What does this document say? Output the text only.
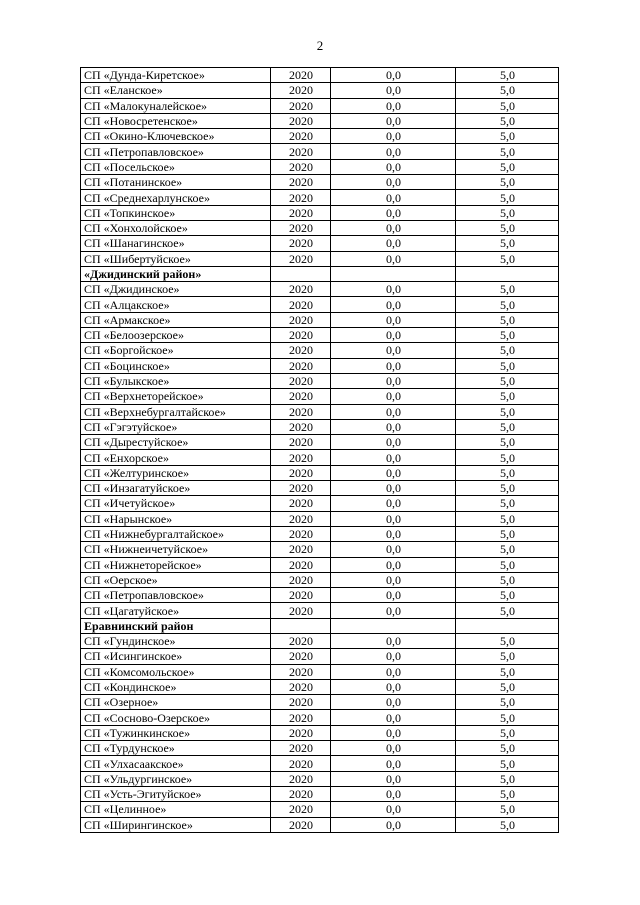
2
СП «Дунда-Киретское»	2020	0,0	5,0
СП «Еланское»	2020	0,0	5,0
СП «Малокуналейское»	2020	0,0	5,0
СП «Новосретенское»	2020	0,0	5,0
СП «Окино-Ключевское»	2020	0,0	5,0
СП «Петропавловское»	2020	0,0	5,0
СП «Посельское»	2020	0,0	5,0
СП «Потанинское»	2020	0,0	5,0
СП «Среднехарлунское»	2020	0,0	5,0
СП «Топкинское»	2020	0,0	5,0
СП «Хонхолойское»	2020	0,0	5,0
СП «Шанагинское»	2020	0,0	5,0
СП «Шибертуйское»	2020	0,0	5,0
«Джидинский район»			
СП «Джидинское»	2020	0,0	5,0
СП «Алцакское»	2020	0,0	5,0
СП «Армакское»	2020	0,0	5,0
СП «Белоозерское»	2020	0,0	5,0
СП «Боргойское»	2020	0,0	5,0
СП «Боцинское»	2020	0,0	5,0
СП «Булыкское»	2020	0,0	5,0
СП «Верхнеторейское»	2020	0,0	5,0
СП «Верхнебургалтайское»	2020	0,0	5,0
СП «Гэгэтуйское»	2020	0,0	5,0
СП «Дырестуйское»	2020	0,0	5,0
СП «Енхорское»	2020	0,0	5,0
СП «Желтуринское»	2020	0,0	5,0
СП «Инзагатуйское»	2020	0,0	5,0
СП «Ичетуйское»	2020	0,0	5,0
СП «Нарынское»	2020	0,0	5,0
СП «Нижнебургалтайское»	2020	0,0	5,0
СП «Нижнеичетуйское»	2020	0,0	5,0
СП «Нижнеторейское»	2020	0,0	5,0
СП «Оерское»	2020	0,0	5,0
СП «Петропавловское»	2020	0,0	5,0
СП «Цагатуйское»	2020	0,0	5,0
Еравнинский район			
СП «Гундинское»	2020	0,0	5,0
СП «Исингинское»	2020	0,0	5,0
СП «Комсомольское»	2020	0,0	5,0
СП «Кондинское»	2020	0,0	5,0
СП «Озерное»	2020	0,0	5,0
СП «Сосново-Озерское»	2020	0,0	5,0
СП «Тужинкинское»	2020	0,0	5,0
СП «Турдунское»	2020	0,0	5,0
СП «Улхасаакское»	2020	0,0	5,0
СП «Ульдургинское»	2020	0,0	5,0
СП «Усть-Эгитуйское»	2020	0,0	5,0
СП «Целинное»	2020	0,0	5,0
СП «Ширингинское»	2020	0,0	5,0
